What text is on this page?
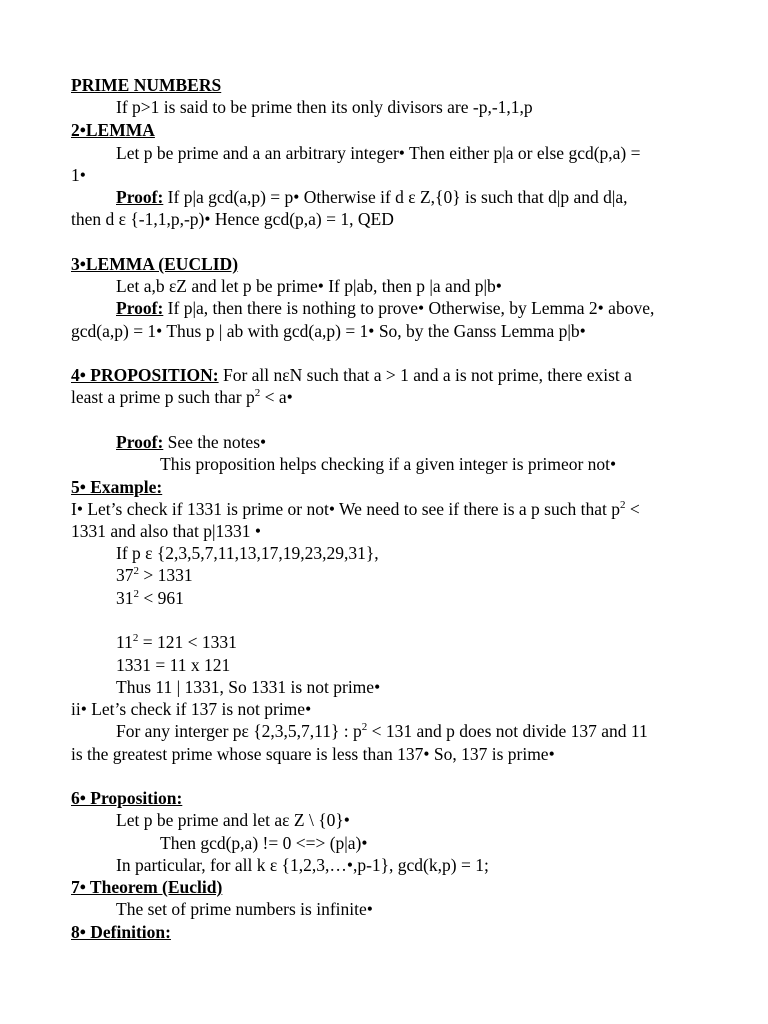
PRIME NUMBERS
If p>1 is said to be prime then its only divisors are -p,-1,1,p
2•LEMMA
Let p be prime and a an arbitrary integer• Then either p|a or else gcd(p,a) =
1•
Proof: If p|a gcd(a,p) = p• Otherwise if d ε Z,{0} is such that d|p and d|a,
then d ε {-1,1,p,-p)• Hence gcd(p,a) = 1, QED
3•LEMMA (EUCLID)
Let a,b εZ and let p be prime• If p|ab, then p |a and p|b•
Proof: If p|a, then there is nothing to prove• Otherwise, by Lemma 2• above,
gcd(a,p) = 1• Thus p | ab with gcd(a,p) = 1• So, by the Ganss Lemma p|b•
4• PROPOSITION: For all nεN such that a > 1 and a is not prime, there exist a
least a prime p such thar $p^2$ < a•
Proof: See the notes•
This proposition helps checking if a given integer is primeor not•
5• Example:
I• Let’s check if 1331 is prime or not• We need to see if there is a p such that $p^2$ <
1331 and also that p|1331 •
If p ε {2,3,5,7,11,13,17,19,23,29,31},
$37^2 > 1331$
$31^2 < 961$
$11^2 = 121 < 1331$
1331 = 11 x 121
Thus 11 | 1331, So 1331 is not prime•
ii• Let’s check if 137 is not prime•
For any interger pε {2,3,5,7,11} : $p^2 < 131$ and p does not divide 137 and 11
is the greatest prime whose square is less than 137• So, 137 is prime•
6• Proposition:
Let p be prime and let aε Z \ {0}•
Then gcd(p,a) != 0 <=> (p|a)•
In particular, for all k ε {1,2,3,…•,p-1}, gcd(k,p) = 1;
7• Theorem (Euclid)
The set of prime numbers is infinite•
8• Definition:
